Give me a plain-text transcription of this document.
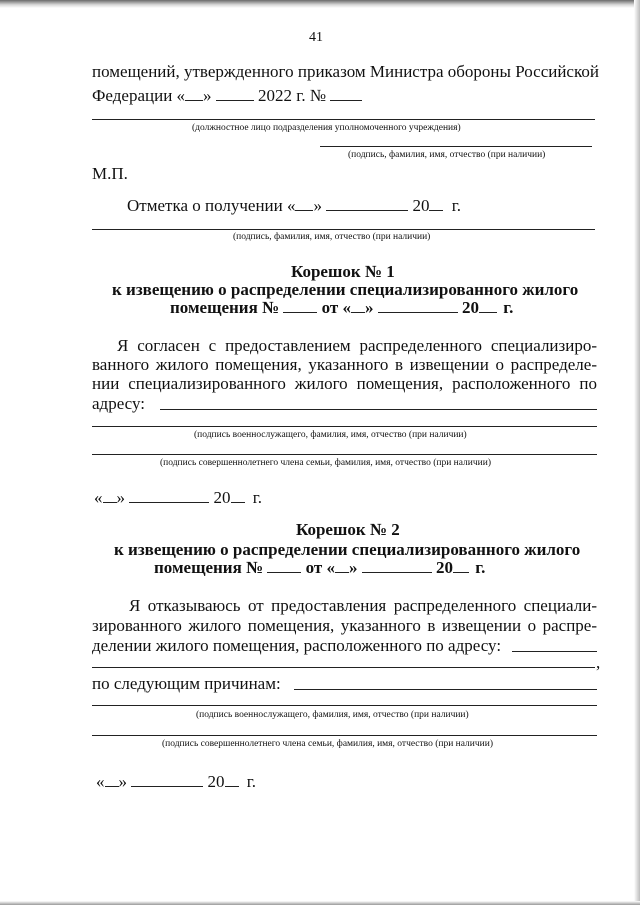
41
помещений, утвержденного приказом Министра обороны Российской
Федерации « »	2022 г. №
(должностное лицо подразделения уполномоченного учреждения)
(подпись, фамилия, имя, отчество (при наличии)
М.П.
Отметка о получении « »	20 г.
(подпись, фамилия, имя, отчество (при наличии)
Корешок № 1
к извещению о распределении специализированного жилого
помещения №	от « »	20 г.
Я согласен с предоставлением распределенного специализиро-
ванного жилого помещения, указанного в извещении о распределе-
нии специализированного жилого помещения, расположенного по
адресу:
(подпись военнослужащего, фамилия, имя, отчество (при наличии)
(подпись совершеннолетнего члена семьи, фамилия, имя, отчество (при наличии)
« »	20 г.
Корешок № 2
к извещению о распределении специализированного жилого
помещения №	от « »	20 г.
Я отказываюсь от предоставления распределенного специали-
зированного жилого помещения, указанного в извещении о распре-
делении жилого помещения, расположенного по адресу:
,
по следующим причинам:
(подпись военнослужащего, фамилия, имя, отчество (при наличии)
(подпись совершеннолетнего члена семьи, фамилия, имя, отчество (при наличии)
« »	20 г.
